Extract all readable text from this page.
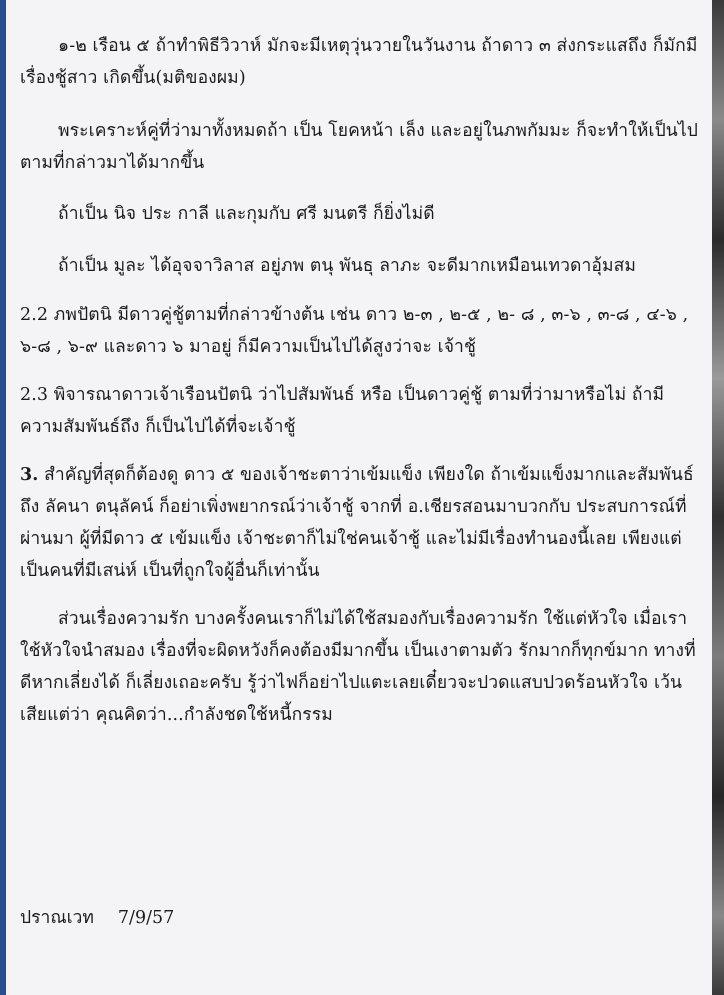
๑-๒ เรือน ๕ ถ้าทำพิธีวิวาห์ มักจะมีเหตุวุ่นวายในวันงาน ถ้าดาว ๓ ส่งกระแสถึง ก็มักมีเรื่องชู้สาว เกิดขึ้น(มติของผม)

พระเคราะห์คู่ที่ว่ามาทั้งหมดถ้า เป็น โยคหน้า เล็ง และอยู่ในภพกัมมะ ก็จะทำให้เป็นไปตามที่กล่าวมาได้มากขึ้น

ถ้าเป็น นิจ ประ กาลี และกุมกับ ศรี มนตรี ก็ยิ่งไม่ดี

ถ้าเป็น มูละ ได้อุจจาวิลาส อยู่ภพ ตนุ พันธุ ลาภะ จะดีมากเหมือนเทวดาอุ้มสม

2.2 ภพปัตนิ มีดาวคู่ชู้ตามที่กล่าวข้างต้น เช่น ดาว ๒-๓ , ๒-๕ , ๒- ๘ , ๓-๖ , ๓-๘ , ๔-๖ , ๖-๘ , ๖-๙ และดาว ๖ มาอยู่ ก็มีความเป็นไปได้สูงว่าจะ เจ้าชู้

2.3 พิจารณาดาวเจ้าเรือนปัตนิ ว่าไปสัมพันธ์ หรือ เป็นดาวคู่ชู้ ตามที่ว่ามาหรือไม่ ถ้ามีความสัมพันธ์ถึง ก็เป็นไปได้ที่จะเจ้าชู้

3. สำคัญที่สุดก็ต้องดู ดาว ๕ ของเจ้าชะตาว่าเข้มแข็ง เพียงใด ถ้าเข้มแข็งมากและสัมพันธ์ถึง ลัคนา ตนุลัคน์ ก็อย่าเพิ่งพยากรณ์ว่าเจ้าชู้ จากที่ อ.เชียรสอนมาบวกกับ ประสบการณ์ที่ผ่านมา ผู้ที่มีดาว ๕ เข้มแข็ง เจ้าชะตาก็ไม่ใช่คนเจ้าชู้ และไม่มีเรื่องทำนองนี้เลย เพียงแต่เป็นคนที่มีเสน่ห์ เป็นที่ถูกใจผู้อื่นก็เท่านั้น

ส่วนเรื่องความรัก บางครั้งคนเราก็ไม่ได้ใช้สมองกับเรื่องความรัก ใช้แต่หัวใจ เมื่อเราใช้หัวใจนำสมอง เรื่องที่จะผิดหวังก็คงต้องมีมากขึ้น เป็นเงาตามตัว รักมากก็ทุกข์มาก ทางที่ดีหากเลี่ยงได้ ก็เลี่ยงเถอะครับ รู้ว่าไฟก็อย่าไปแตะเลยเดี๋ยวจะปวดแสบปวดร้อนหัวใจ เว้นเสียแต่ว่า คุณคิดว่า...กำลังชดใช้หนี้กรรม

ปราณเวท 7/9/57
